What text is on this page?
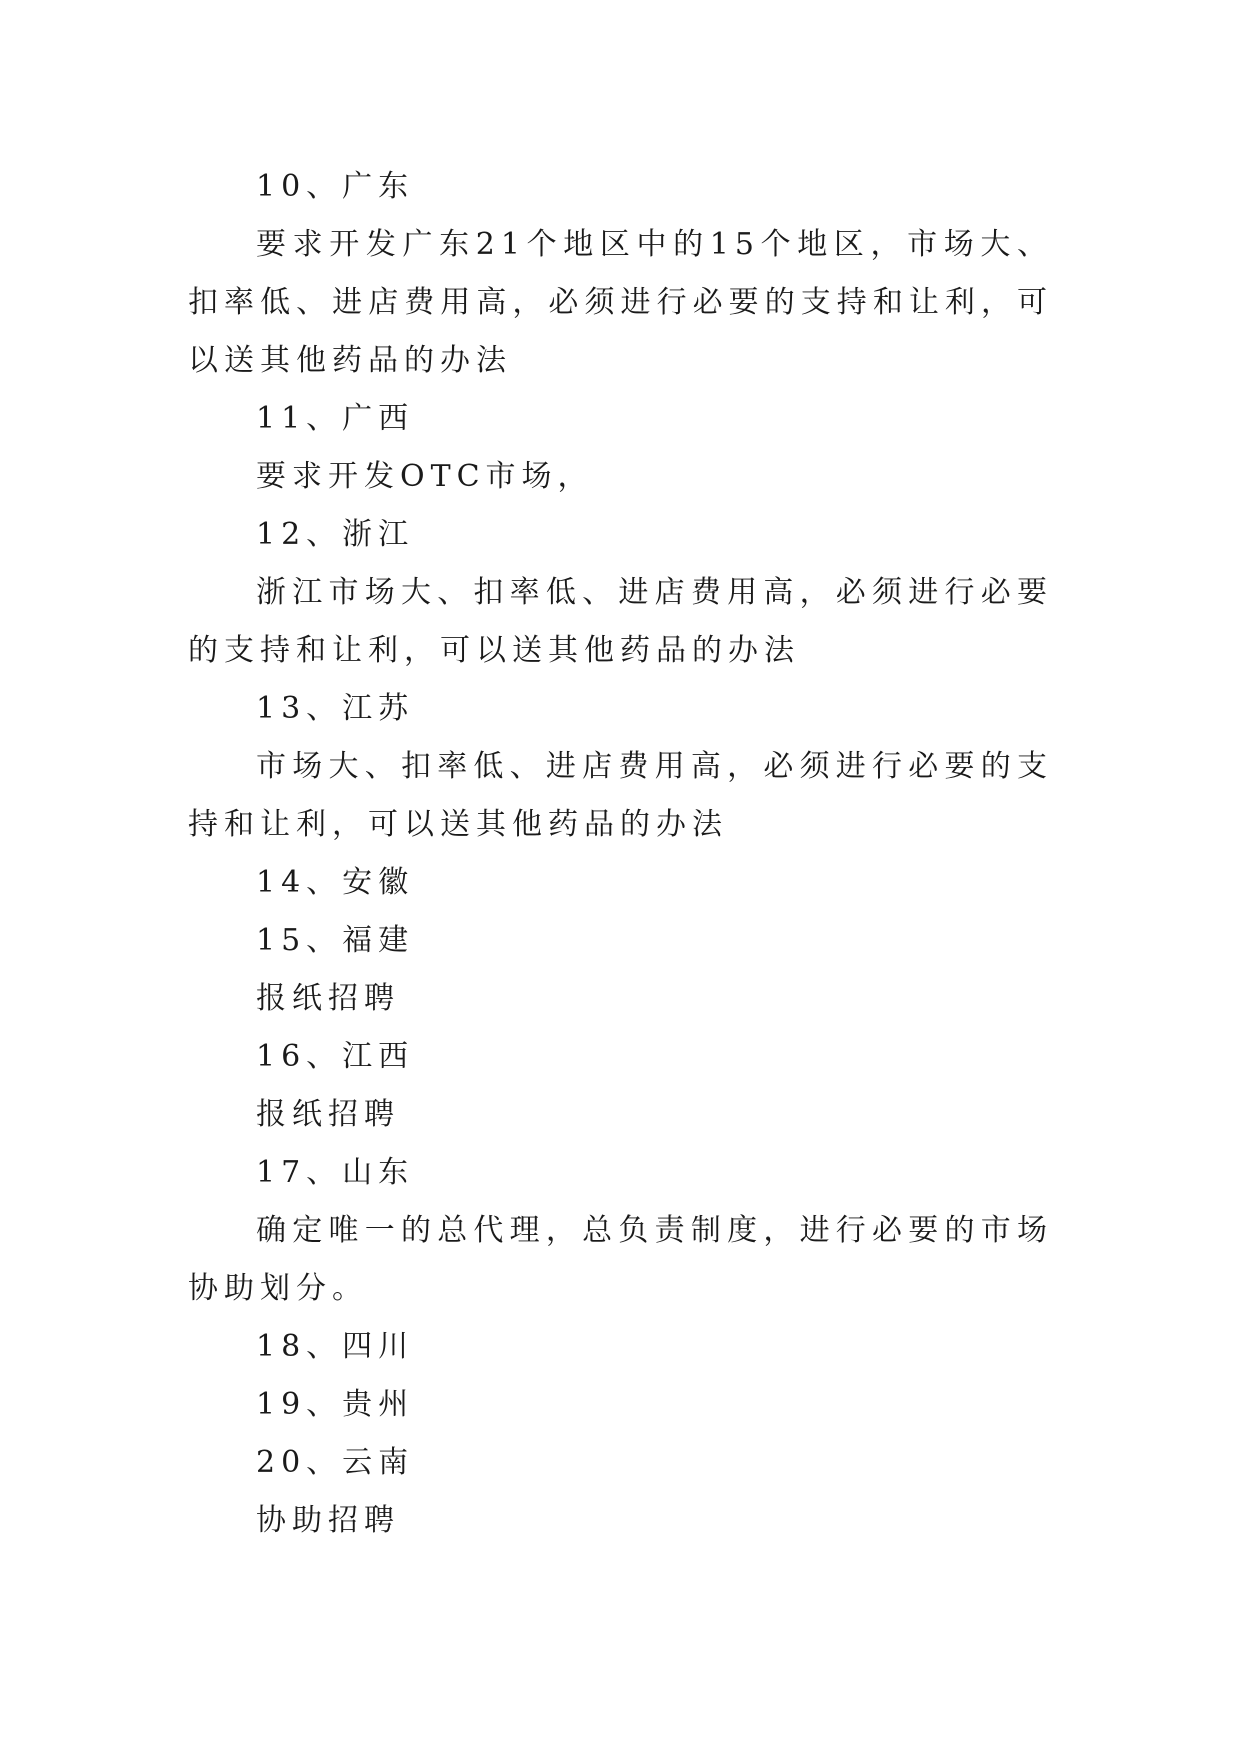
10、广东

要求开发广东21个地区中的15个地区，市场大、扣率低、进店费用高，必须进行必要的支持和让利，可以送其他药品的办法

11、广西

要求开发OTC市场，

12、浙江

浙江市场大、扣率低、进店费用高，必须进行必要的支持和让利，可以送其他药品的办法

13、江苏

市场大、扣率低、进店费用高，必须进行必要的支持和让利，可以送其他药品的办法

14、安徽

15、福建

报纸招聘

16、江西

报纸招聘

17、山东

确定唯一的总代理，总负责制度，进行必要的市场协助划分。

18、四川

19、贵州

20、云南

协助招聘
